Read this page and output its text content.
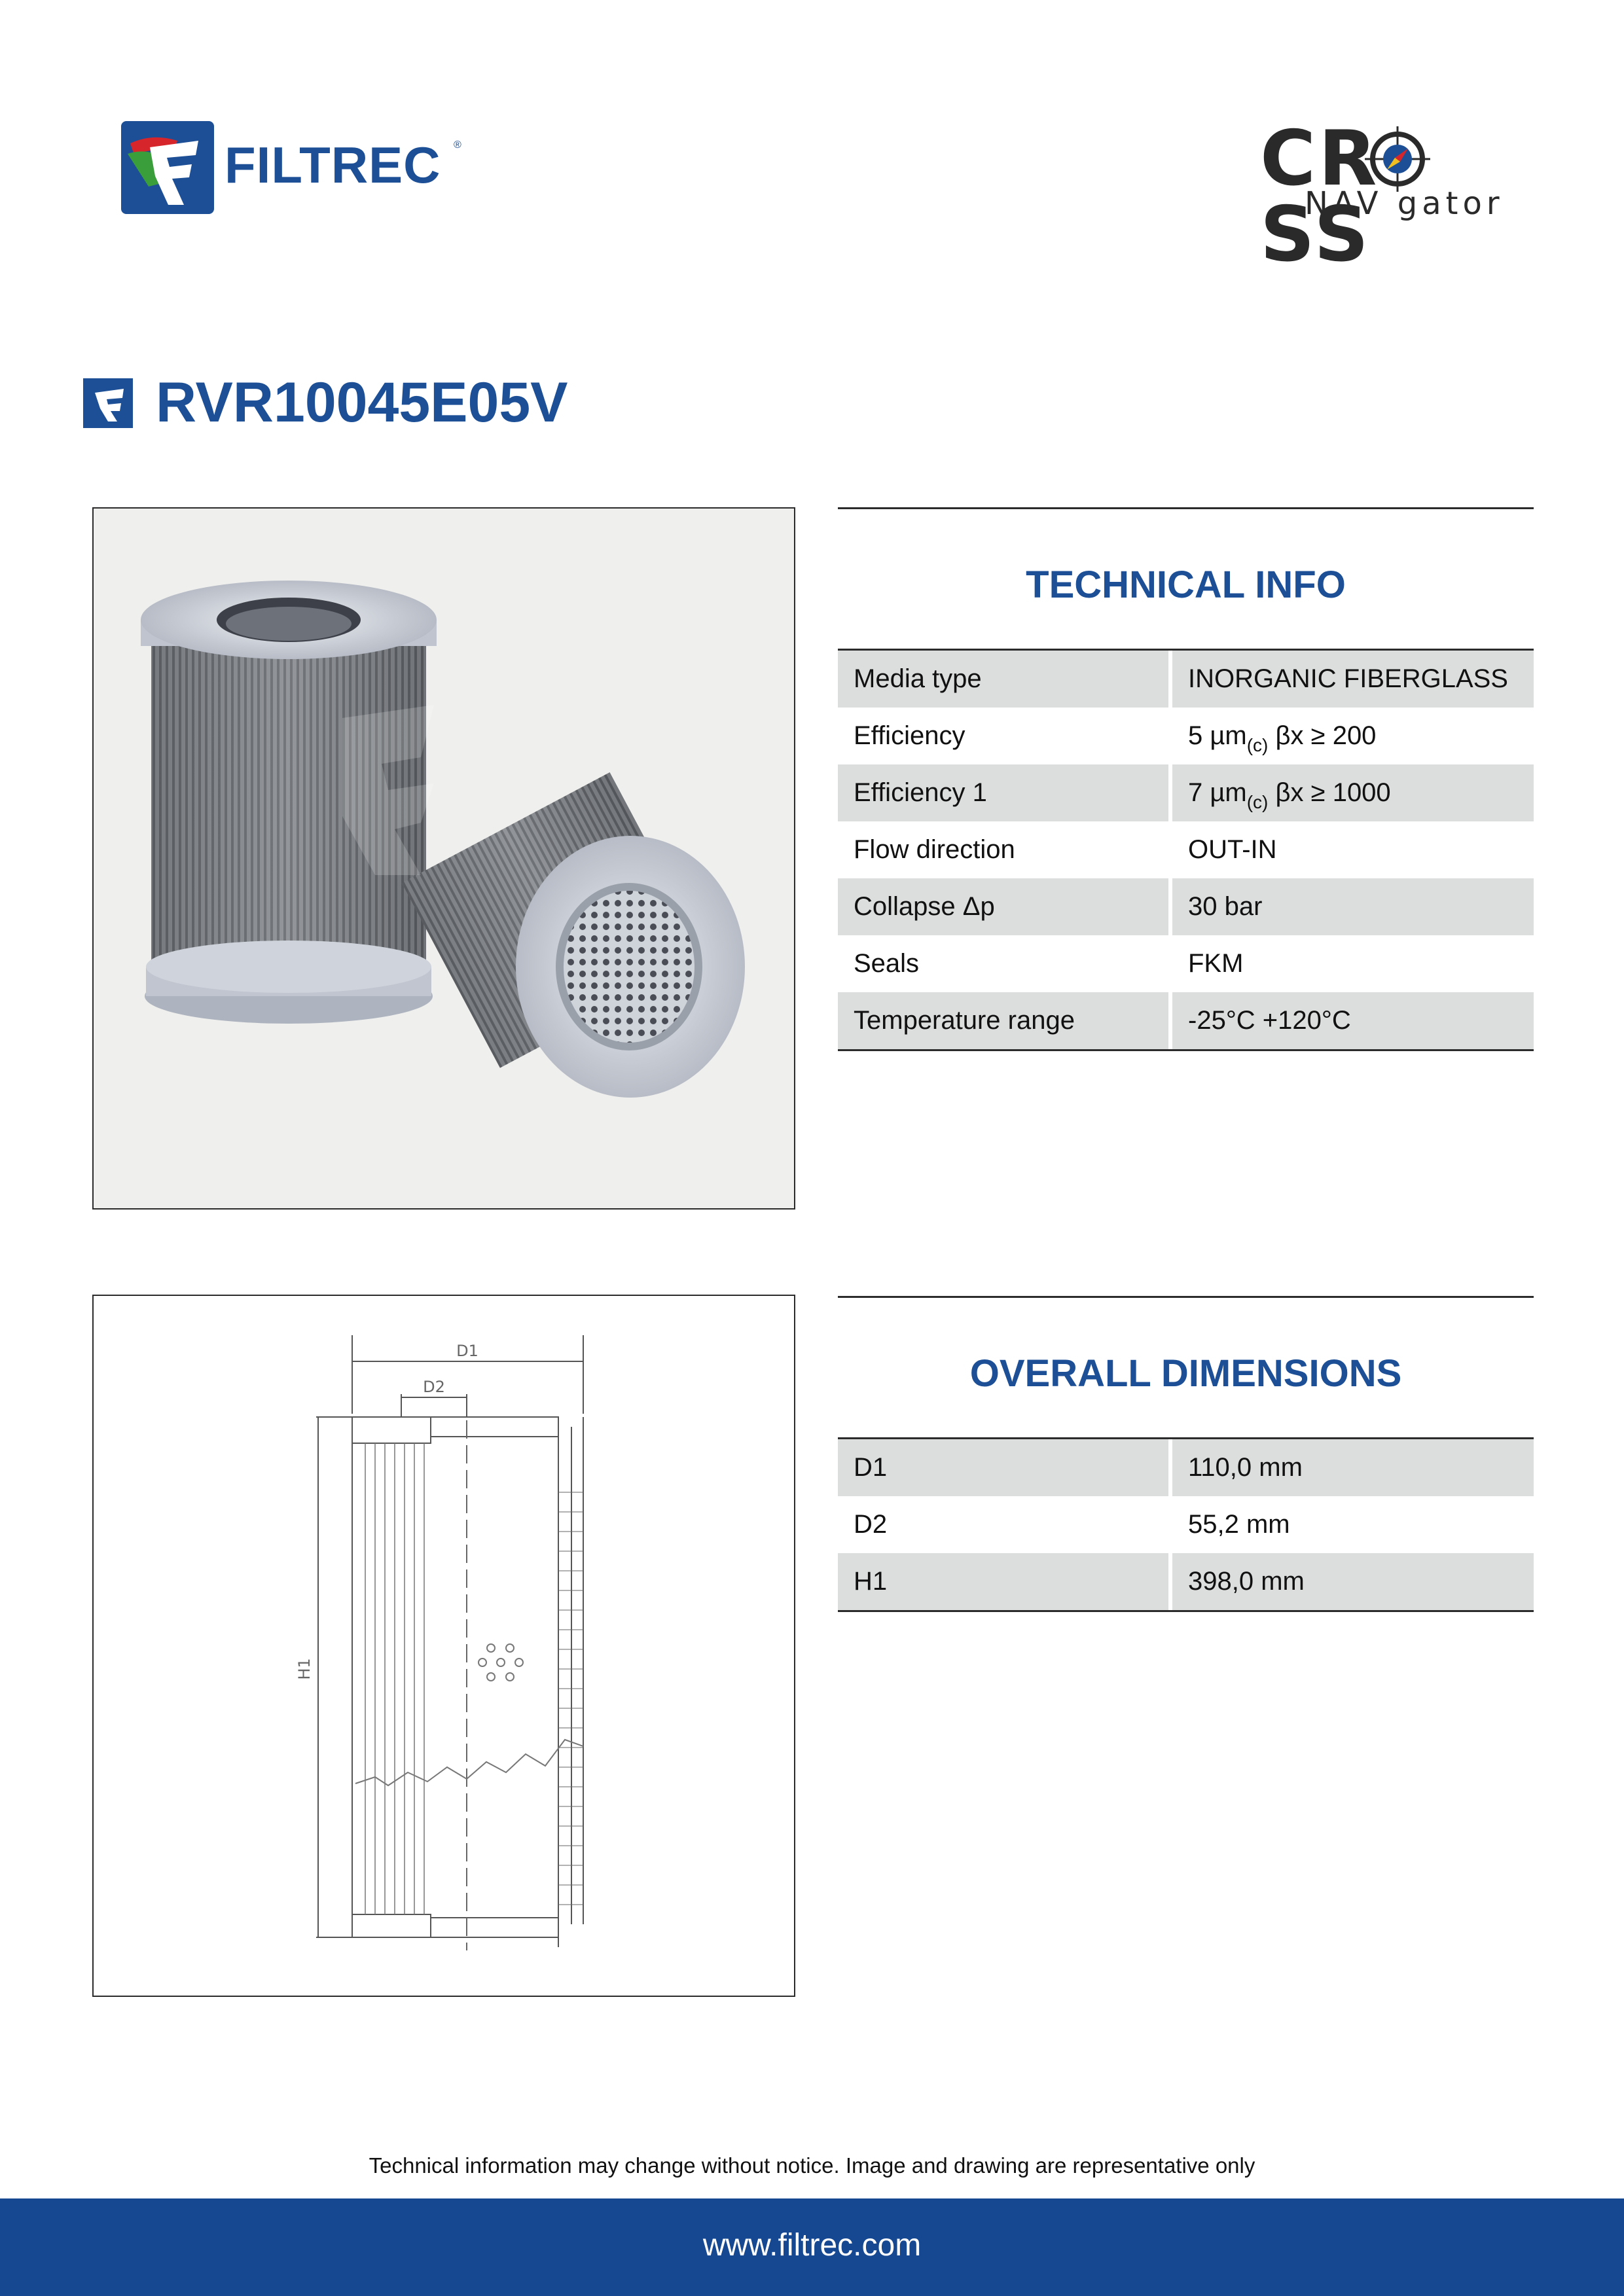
FILTREC ®	CR SS
NAV gator
RVR10045E05V
TECHNICAL INFO
Media type	INORGANIC FIBERGLASS
Efficiency	5 µm (c) βx ≥ 200
Efficiency 1	7 µm (c) βx ≥ 1000
Flow direction	OUT-IN
Collapse Δp	30 bar
Seals	FKM
Temperature range	-25°C +120°C
D1
D2
H1
OVERALL DIMENSIONS
D1	110,0 mm
D2	55,2 mm
H1	398,0 mm
Technical information may change without notice. Image and drawing are representative only
www.filtrec.com
